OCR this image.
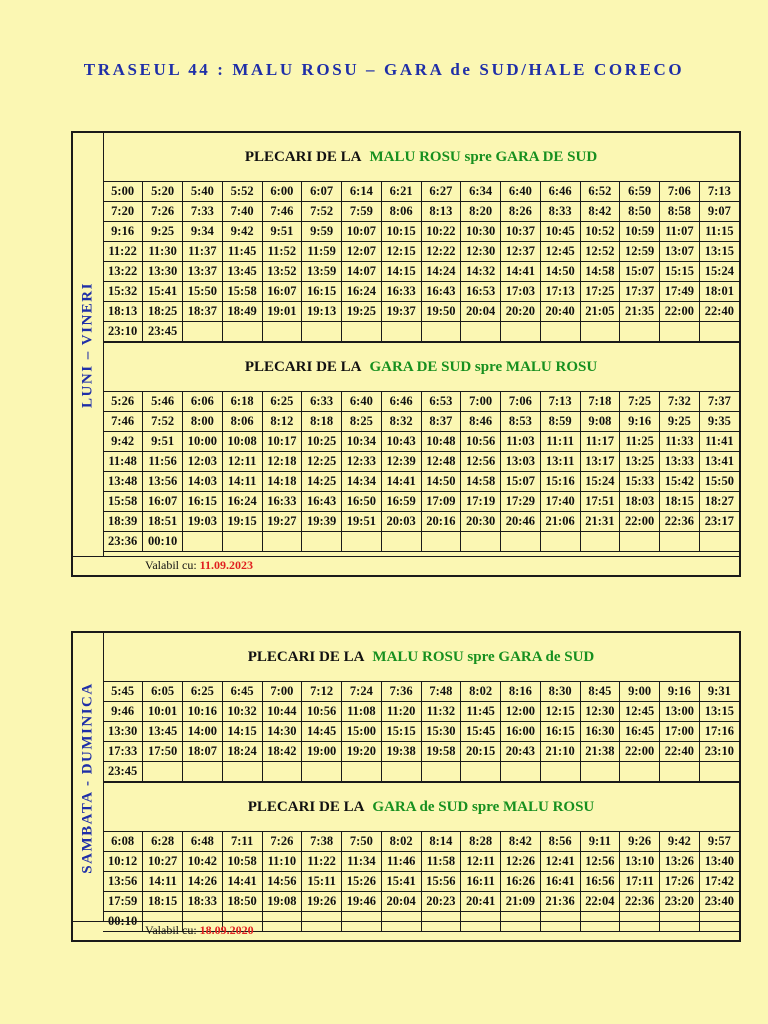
TRASEUL 44 : MALU ROSU – GARA de SUD/HALE CORECO
LUNI – VINERI
PLECARI DE LA MALU ROSU spre GARA DE SUD
5:00	5:20	5:40	5:52	6:00	6:07	6:14	6:21	6:27	6:34	6:40	6:46	6:52	6:59	7:06	7:13
7:20	7:26	7:33	7:40	7:46	7:52	7:59	8:06	8:13	8:20	8:26	8:33	8:42	8:50	8:58	9:07
9:16	9:25	9:34	9:42	9:51	9:59	10:07	10:15	10:22	10:30	10:37	10:45	10:52	10:59	11:07	11:15
11:22	11:30	11:37	11:45	11:52	11:59	12:07	12:15	12:22	12:30	12:37	12:45	12:52	12:59	13:07	13:15
13:22	13:30	13:37	13:45	13:52	13:59	14:07	14:15	14:24	14:32	14:41	14:50	14:58	15:07	15:15	15:24
15:32	15:41	15:50	15:58	16:07	16:15	16:24	16:33	16:43	16:53	17:03	17:13	17:25	17:37	17:49	18:01
18:13	18:25	18:37	18:49	19:01	19:13	19:25	19:37	19:50	20:04	20:20	20:40	21:05	21:35	22:00	22:40
23:10	23:45														
PLECARI DE LA GARA DE SUD spre MALU ROSU
5:26	5:46	6:06	6:18	6:25	6:33	6:40	6:46	6:53	7:00	7:06	7:13	7:18	7:25	7:32	7:37
7:46	7:52	8:00	8:06	8:12	8:18	8:25	8:32	8:37	8:46	8:53	8:59	9:08	9:16	9:25	9:35
9:42	9:51	10:00	10:08	10:17	10:25	10:34	10:43	10:48	10:56	11:03	11:11	11:17	11:25	11:33	11:41
11:48	11:56	12:03	12:11	12:18	12:25	12:33	12:39	12:48	12:56	13:03	13:11	13:17	13:25	13:33	13:41
13:48	13:56	14:03	14:11	14:18	14:25	14:34	14:41	14:50	14:58	15:07	15:16	15:24	15:33	15:42	15:50
15:58	16:07	16:15	16:24	16:33	16:43	16:50	16:59	17:09	17:19	17:29	17:40	17:51	18:03	18:15	18:27
18:39	18:51	19:03	19:15	19:27	19:39	19:51	20:03	20:16	20:30	20:46	21:06	21:31	22:00	22:36	23:17
23:36	00:10														
Valabil cu: 11.09.2023
SAMBATA - DUMINICA
PLECARI DE LA MALU ROSU spre GARA de SUD
5:45	6:05	6:25	6:45	7:00	7:12	7:24	7:36	7:48	8:02	8:16	8:30	8:45	9:00	9:16	9:31
9:46	10:01	10:16	10:32	10:44	10:56	11:08	11:20	11:32	11:45	12:00	12:15	12:30	12:45	13:00	13:15
13:30	13:45	14:00	14:15	14:30	14:45	15:00	15:15	15:30	15:45	16:00	16:15	16:30	16:45	17:00	17:16
17:33	17:50	18:07	18:24	18:42	19:00	19:20	19:38	19:58	20:15	20:43	21:10	21:38	22:00	22:40	23:10
23:45															
PLECARI DE LA GARA de SUD spre MALU ROSU
6:08	6:28	6:48	7:11	7:26	7:38	7:50	8:02	8:14	8:28	8:42	8:56	9:11	9:26	9:42	9:57
10:12	10:27	10:42	10:58	11:10	11:22	11:34	11:46	11:58	12:11	12:26	12:41	12:56	13:10	13:26	13:40
13:56	14:11	14:26	14:41	14:56	15:11	15:26	15:41	15:56	16:11	16:26	16:41	16:56	17:11	17:26	17:42
17:59	18:15	18:33	18:50	19:08	19:26	19:46	20:04	20:23	20:41	21:09	21:36	22:04	22:36	23:20	23:40
00:10															
Valabil cu: 18.09.2020
